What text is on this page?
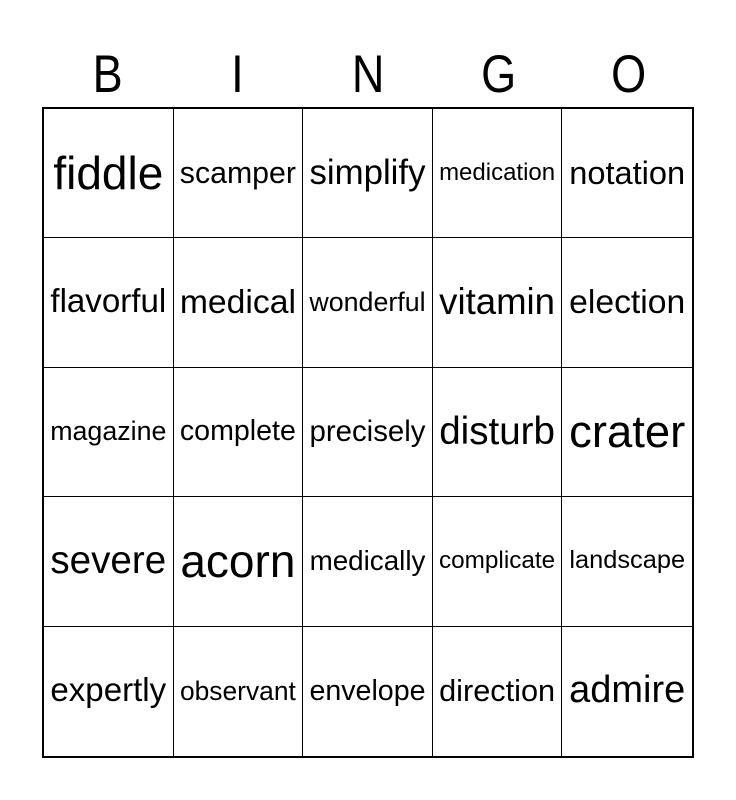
B I N G O
fiddle scamper simplify medication notation
flavorful medical wonderful vitamin election
magazine complete precisely disturb crater
severe acorn medically complicate landscape
expertly observant envelope direction admire
